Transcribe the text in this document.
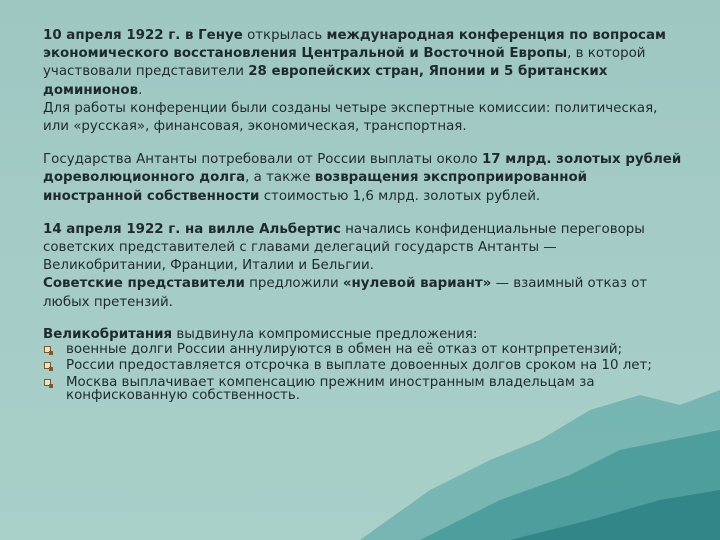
10 апреля 1922 г. в Генуе открылась международная конференция по вопросам экономического восстановления Центральной и Восточной Европы, в которой участвовали представители 28 европейских стран, Японии и 5 британских доминионов.

Для работы конференции были созданы четыре экспертные комиссии: политическая, или «русская», финансовая, экономическая, транспортная.

Государства Антанты потребовали от России выплаты около 17 млрд. золотых рублей дореволюционного долга, а также возвращения экспроприированной иностранной собственности стоимостью 1,6 млрд. золотых рублей.

14 апреля 1922 г. на вилле Альбертис начались конфиденциальные переговоры советских представителей с главами делегаций государств Антанты — Великобритании, Франции, Италии и Бельгии.

Советские представители предложили «нулевой вариант» — взаимный отказ от любых претензий.

Великобритания выдвинула компромиссные предложения:

военные долги России аннулируются в обмен на её отказ от контрпретензий;
России предоставляется отсрочка в выплате довоенных долгов сроком на 10 лет;
Москва выплачивает компенсацию прежним иностранным владельцам за конфискованную собственность.
